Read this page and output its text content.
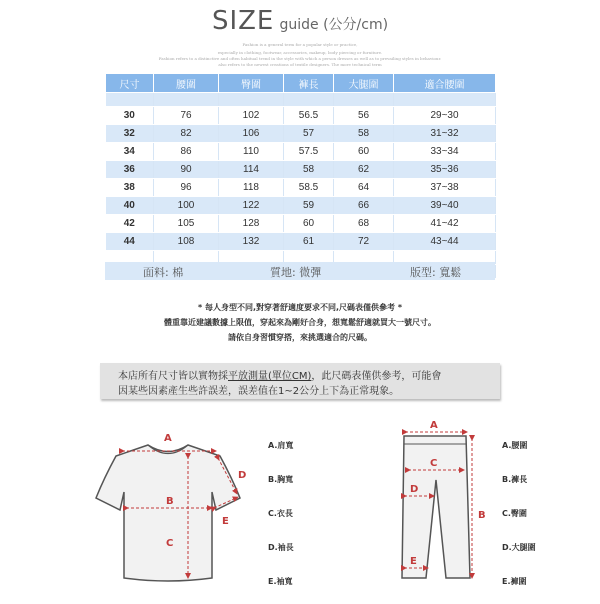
SIZE guide (公分/cm)
Fashion is a general term for a popular style or practice,
especially in clothing, footwear, accessories, makeup, body piercing or furniture.
Fashion refers to a distinctive and often habitual trend in the style with which a person dresses as well as to prevailing styles in behaviour.
also refers to the newest creations of textile designers. The more technical term
尺寸	腰圍	臀圍	褲長	大腿圍	適合腰圍

30	76	102	56.5	56	29~30
32	82	106	57	58	31~32
34	86	110	57.5	60	33~34
36	90	114	58	62	35~36
38	96	118	58.5	64	37~38
40	100	122	59	66	39~40
42	105	128	60	68	41~42
44	108	132	61	72	43~44

面料: 棉	質地: 微彈	版型: 寬鬆
* 每人身型不同,對穿著舒適度要求不同,尺碼表僅供參考 *
體重靠近建議數據上限值，穿起來為剛好合身，想寬鬆舒適就買大一號尺寸。
請依自身習慣穿搭，來挑選適合的尺碼。
本店所有尺寸皆以實物採平放測量(單位CM)，此尺碼表僅供參考，可能會
因某些因素產生些許誤差，誤差值在1~2公分上下為正常現象。
A
B
C
D
E
A
C
D
B
E
A.肩寬
B.胸寬
C.衣長
D.袖長
E.袖寬
A.腰圍
B.褲長
C.臀圍
D.大腿圍
E.褲圍
